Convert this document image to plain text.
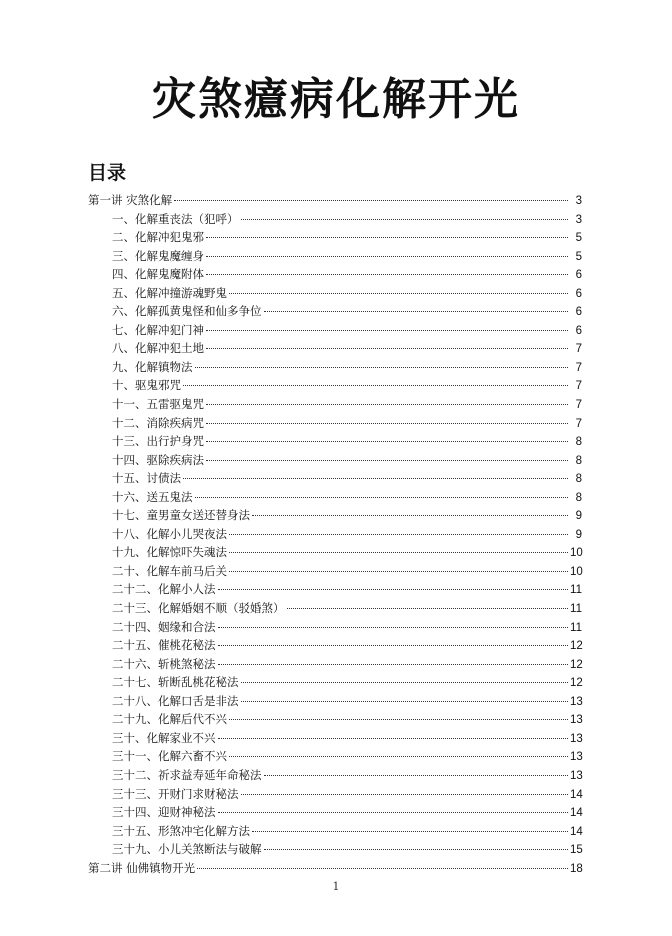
灾煞癔病化解开光
目录
第一讲 灾煞化解	3
一、化解重丧法（犯呼）	3
二、化解冲犯鬼邪	5
三、化解鬼魔缠身	5
四、化解鬼魔附体	6
五、化解冲撞游魂野鬼	6
六、化解孤黄鬼怪和仙多争位	6
七、化解冲犯门神	6
八、化解冲犯土地	7
九、化解镇物法	7
十、驱鬼邪咒	7
十一、五雷驱鬼咒	7
十二、消除疾病咒	7
十三、出行护身咒	8
十四、驱除疾病法	8
十五、讨债法	8
十六、送五鬼法	8
十七、童男童女送还替身法	9
十八、化解小儿哭夜法	9
十九、化解惊吓失魂法	10
二十、化解车前马后关	10
二十二、化解小人法	11
二十三、化解婚姻不顺（驳婚煞）	11
二十四、姻缘和合法	11
二十五、催桃花秘法	12
二十六、斩桃煞秘法	12
二十七、斩断乱桃花秘法	12
二十八、化解口舌是非法	13
二十九、化解后代不兴	13
三十、化解家业不兴	13
三十一、化解六畜不兴	13
三十二、祈求益寿延年命秘法	13
三十三、开财门求财秘法	14
三十四、迎财神秘法	14
三十五、形煞冲宅化解方法	14
三十九、小儿关煞断法与破解	15
第二讲 仙佛镇物开光	18
1
